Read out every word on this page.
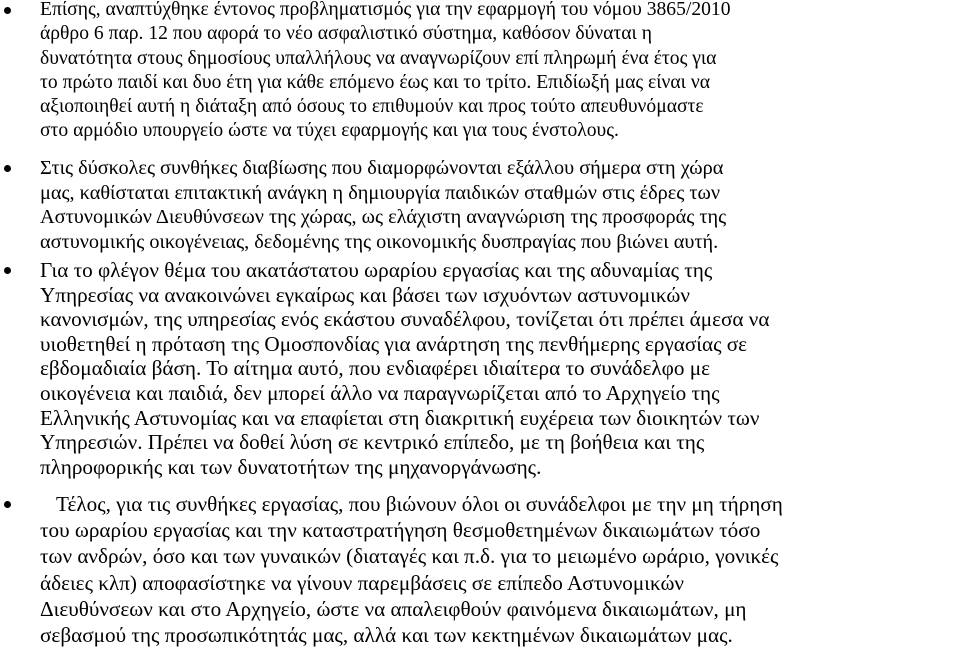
Επίσης, αναπτύχθηκε έντονος προβληματισμός για την εφαρμογή του νόμου 3865/2010
άρθρο 6 παρ. 12 που αφορά το νέο ασφαλιστικό σύστημα, καθόσον δύναται η
δυνατότητα στους δημοσίους υπαλλήλους να αναγνωρίζουν επί πληρωμή ένα έτος για
το πρώτο παιδί και δυο έτη για κάθε επόμενο έως και το τρίτο. Επιδίωξή μας είναι να
αξιοποιηθεί αυτή η διάταξη από όσους το επιθυμούν και προς τούτο απευθυνόμαστε
στο αρμόδιο υπουργείο ώστε να τύχει εφαρμογής και για τους ένστολους.
Στις δύσκολες συνθήκες διαβίωσης που διαμορφώνονται εξάλλου σήμερα στη χώρα
μας, καθίσταται επιτακτική ανάγκη η δημιουργία παιδικών σταθμών στις έδρες των
Αστυνομικών Διευθύνσεων της χώρας, ως ελάχιστη αναγνώριση της προσφοράς της
αστυνομικής οικογένειας, δεδομένης της οικονομικής δυσπραγίας που βιώνει αυτή.
Για το φλέγον θέμα του ακατάστατου ωραρίου εργασίας και της αδυναμίας της
Υπηρεσίας να ανακοινώνει εγκαίρως και βάσει των ισχυόντων αστυνομικών
κανονισμών, της υπηρεσίας ενός εκάστου συναδέλφου, τονίζεται ότι πρέπει άμεσα να
υιοθετηθεί η πρόταση της Ομοσπονδίας για ανάρτηση της πενθήμερης εργασίας σε
εβδομαδιαία βάση. Το αίτημα αυτό, που ενδιαφέρει ιδιαίτερα το συνάδελφο με
οικογένεια και παιδιά, δεν μπορεί άλλο να παραγνωρίζεται από το Αρχηγείο της
Ελληνικής Αστυνομίας και να επαφίεται στη διακριτική ευχέρεια των διοικητών των
Υπηρεσιών. Πρέπει να δοθεί λύση σε κεντρικό επίπεδο, με τη βοήθεια και της
πληροφορικής και των δυνατοτήτων της μηχανοργάνωσης.
Τέλος, για τις συνθήκες εργασίας, που βιώνουν όλοι οι συνάδελφοι με την μη τήρηση
του ωραρίου εργασίας και την καταστρατήγηση θεσμοθετημένων δικαιωμάτων τόσο
των ανδρών, όσο και των γυναικών (διαταγές και π.δ. για το μειωμένο ωράριο, γονικές
άδειες κλπ) αποφασίστηκε να γίνουν παρεμβάσεις σε επίπεδο Αστυνομικών
Διευθύνσεων και στο Αρχηγείο, ώστε να απαλειφθούν φαινόμενα δικαιωμάτων, μη
σεβασμού της προσωπικότητάς μας, αλλά και των κεκτημένων δικαιωμάτων μας.
